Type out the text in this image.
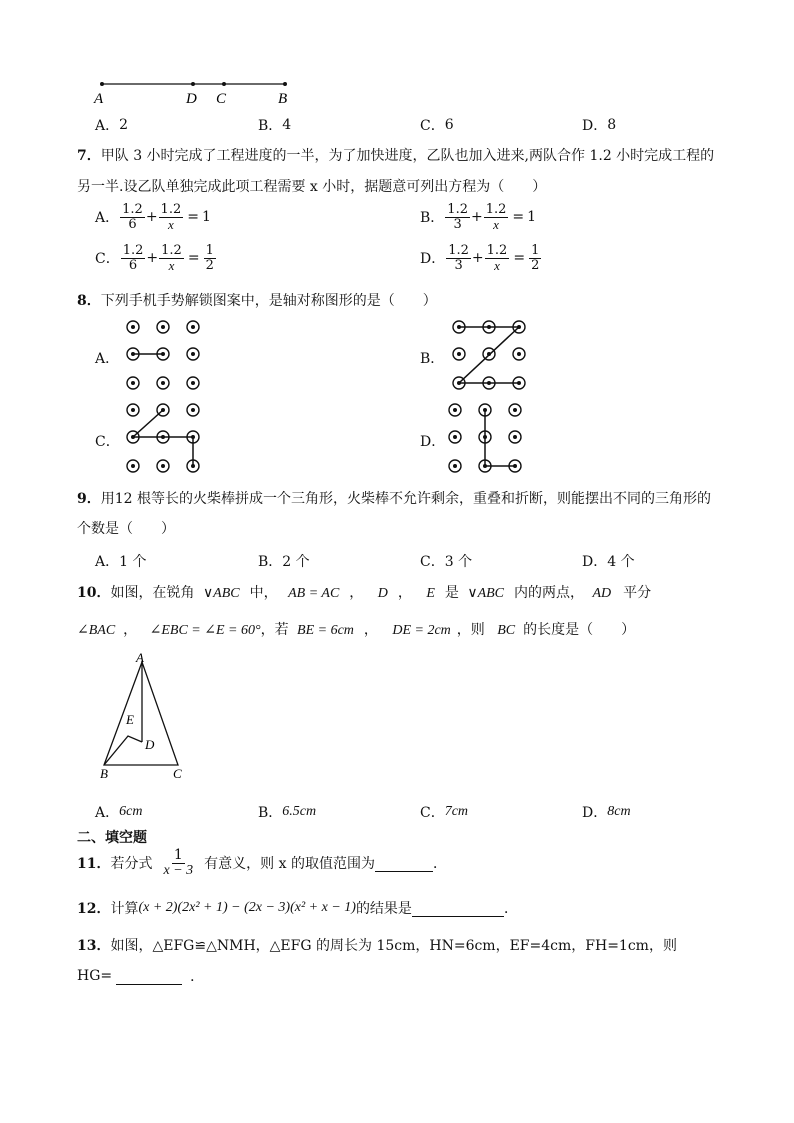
A	D C	B
A． 2	B． 4	C． 6	D． 8
7．甲队 3 小时完成了工程进度的一半，为了加快进度，乙队也加入进来,两队合作 1.2 小时完成工程的
另一半.设乙队单独完成此项工程需要 x 小时，据题意可列出方程为（　　）
A． $\frac{1.2}{6} + \frac{1.2}{x} = 1$	B． $\frac{1.2}{3} + \frac{1.2}{x} = 1$
C． $\frac{1.2}{6} + \frac{1.2}{x} = \frac{1}{2}$	D． $\frac{1.2}{3} + \frac{1.2}{x} = \frac{1}{2}$
8．下列手机手势解锁图案中，是轴对称图形的是（　　）
A．	B．
C．	D．
9．用12 根等长的火柴棒拼成一个三角形，火柴棒不允许剩余，重叠和折断，则能摆出不同的三角形的
个数是（　　）
A． 1 个	B． 2 个	C． 3 个	D． 4 个
10．如图，在锐角 ∨ABC 中， AB = AC ， D ， E 是 ∨ABC 内的两点， AD 平分
∠BAC ， ∠EBC = ∠E = 60°，若 BE = 6cm ， DE = 2cm ，则 BC 的长度是（　　）
A
E
D
B	C
A． 6cm	B． 6.5cm	C． 7cm	D． 8cm
二、填空题
11． 若分式 $\frac{1}{x - 3}$ 有意义，则 x 的取值范围为	．
12． 计算 (x + 2)(2x² + 1) − (2x − 3)(x² + x − 1) 的结果是	．
13．如图，△EFG≌△NMH，△EFG 的周长为 15cm，HN=6cm，EF=4cm，FH=1cm，则
HG=	．
